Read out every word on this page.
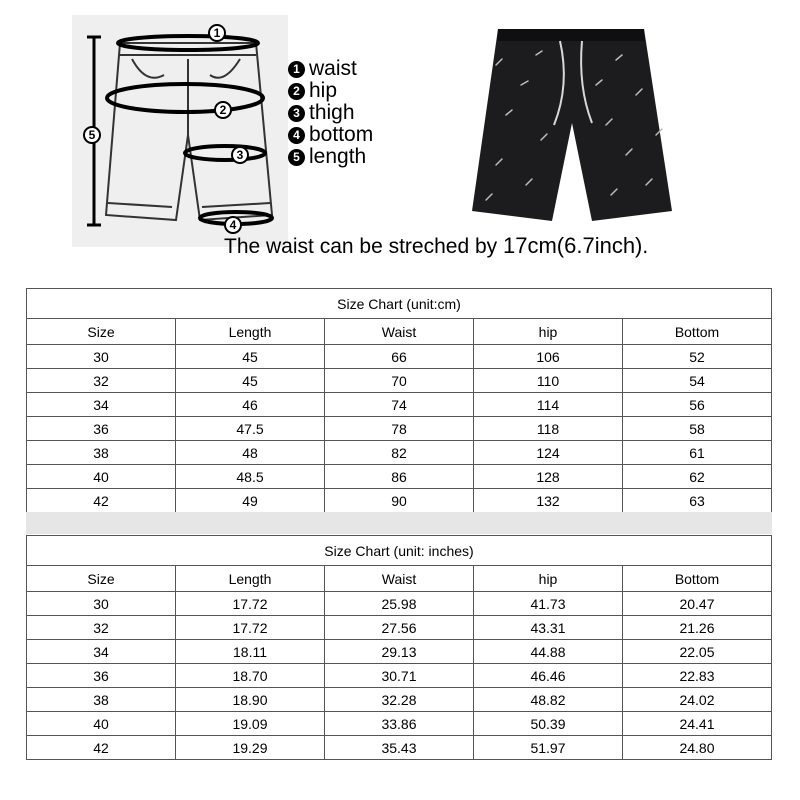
1
2
3
4
5
1 waist
2 hip
3 thigh
4 bottom
5 length
The waist can be streched by 17cm(6.7inch).
Size Chart (unit:cm)				
Size	Length	Waist	hip	Bottom
30	45	66	106	52
32	45	70	110	54
34	46	74	114	56
36	47.5	78	118	58
38	48	82	124	61
40	48.5	86	128	62
42	49	90	132	63
Size Chart (unit: inches)				
Size	Length	Waist	hip	Bottom
30	17.72	25.98	41.73	20.47
32	17.72	27.56	43.31	21.26
34	18.11	29.13	44.88	22.05
36	18.70	30.71	46.46	22.83
38	18.90	32.28	48.82	24.02
40	19.09	33.86	50.39	24.41
42	19.29	35.43	51.97	24.80
